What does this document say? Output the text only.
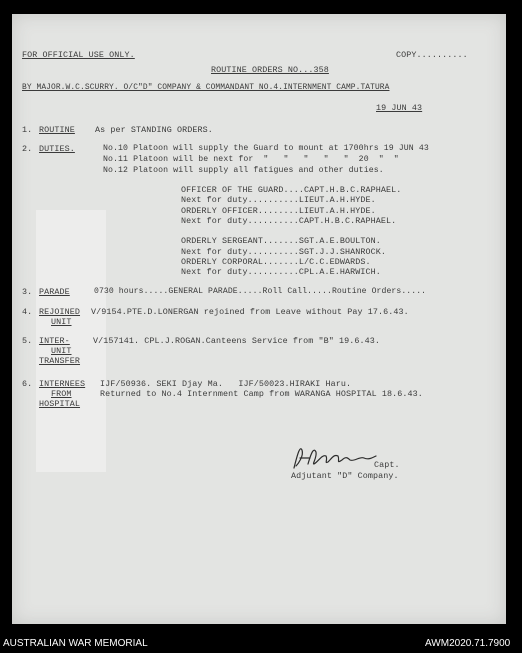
FOR OFFICIAL USE ONLY.	COPY..........
ROUTINE ORDERS NO...358
BY MAJOR.W.C.SCURRY. O/C"D" COMPANY & COMMANDANT NO.4.INTERNMENT CAMP.TATURA
19 JUN 43
1. ROUTINE As per STANDING ORDERS.
2. DUTIES.	No.10 Platoon will supply the Guard to mount at 1700hrs 19 JUN 43
No.11 Platoon will be next for  "   "   "   "   "  20  "  "
No.12 Platoon will supply all fatigues and other duties.
OFFICER OF THE GUARD....CAPT.H.B.C.RAPHAEL.
Next for duty..........LIEUT.A.H.HYDE.
ORDERLY OFFICER........LIEUT.A.H.HYDE.
Next for duty..........CAPT.H.B.C.RAPHAEL.
ORDERLY SERGEANT.......SGT.A.E.BOULTON.
Next for duty..........SGT.J.J.SHANROCK.
ORDERLY CORPORAL.......L/C.C.EDWARDS.
Next for duty..........CPL.A.E.HARWICH.
3. PARADE	0730 hours.....GENERAL PARADE.....Roll Call.....Routine Orders.....
4. REJOINED
UNIT
V/9154.PTE.D.LONERGAN rejoined from Leave without Pay 17.6.43.
5. INTER-
UNIT
TRANSFER
V/157141. CPL.J.ROGAN.Canteens Service from "B" 19.6.43.
6. INTERNEES
FROM
HOSPITAL
IJF/50936. SEKI Djay Ma.   IJF/50023.HIRAKI Haru.
Returned to No.4 Internment Camp from WARANGA HOSPITAL 18.6.43.
Capt.
Adjutant "D" Company.
AUSTRALIAN WAR MEMORIAL	AWM2020.71.7900
